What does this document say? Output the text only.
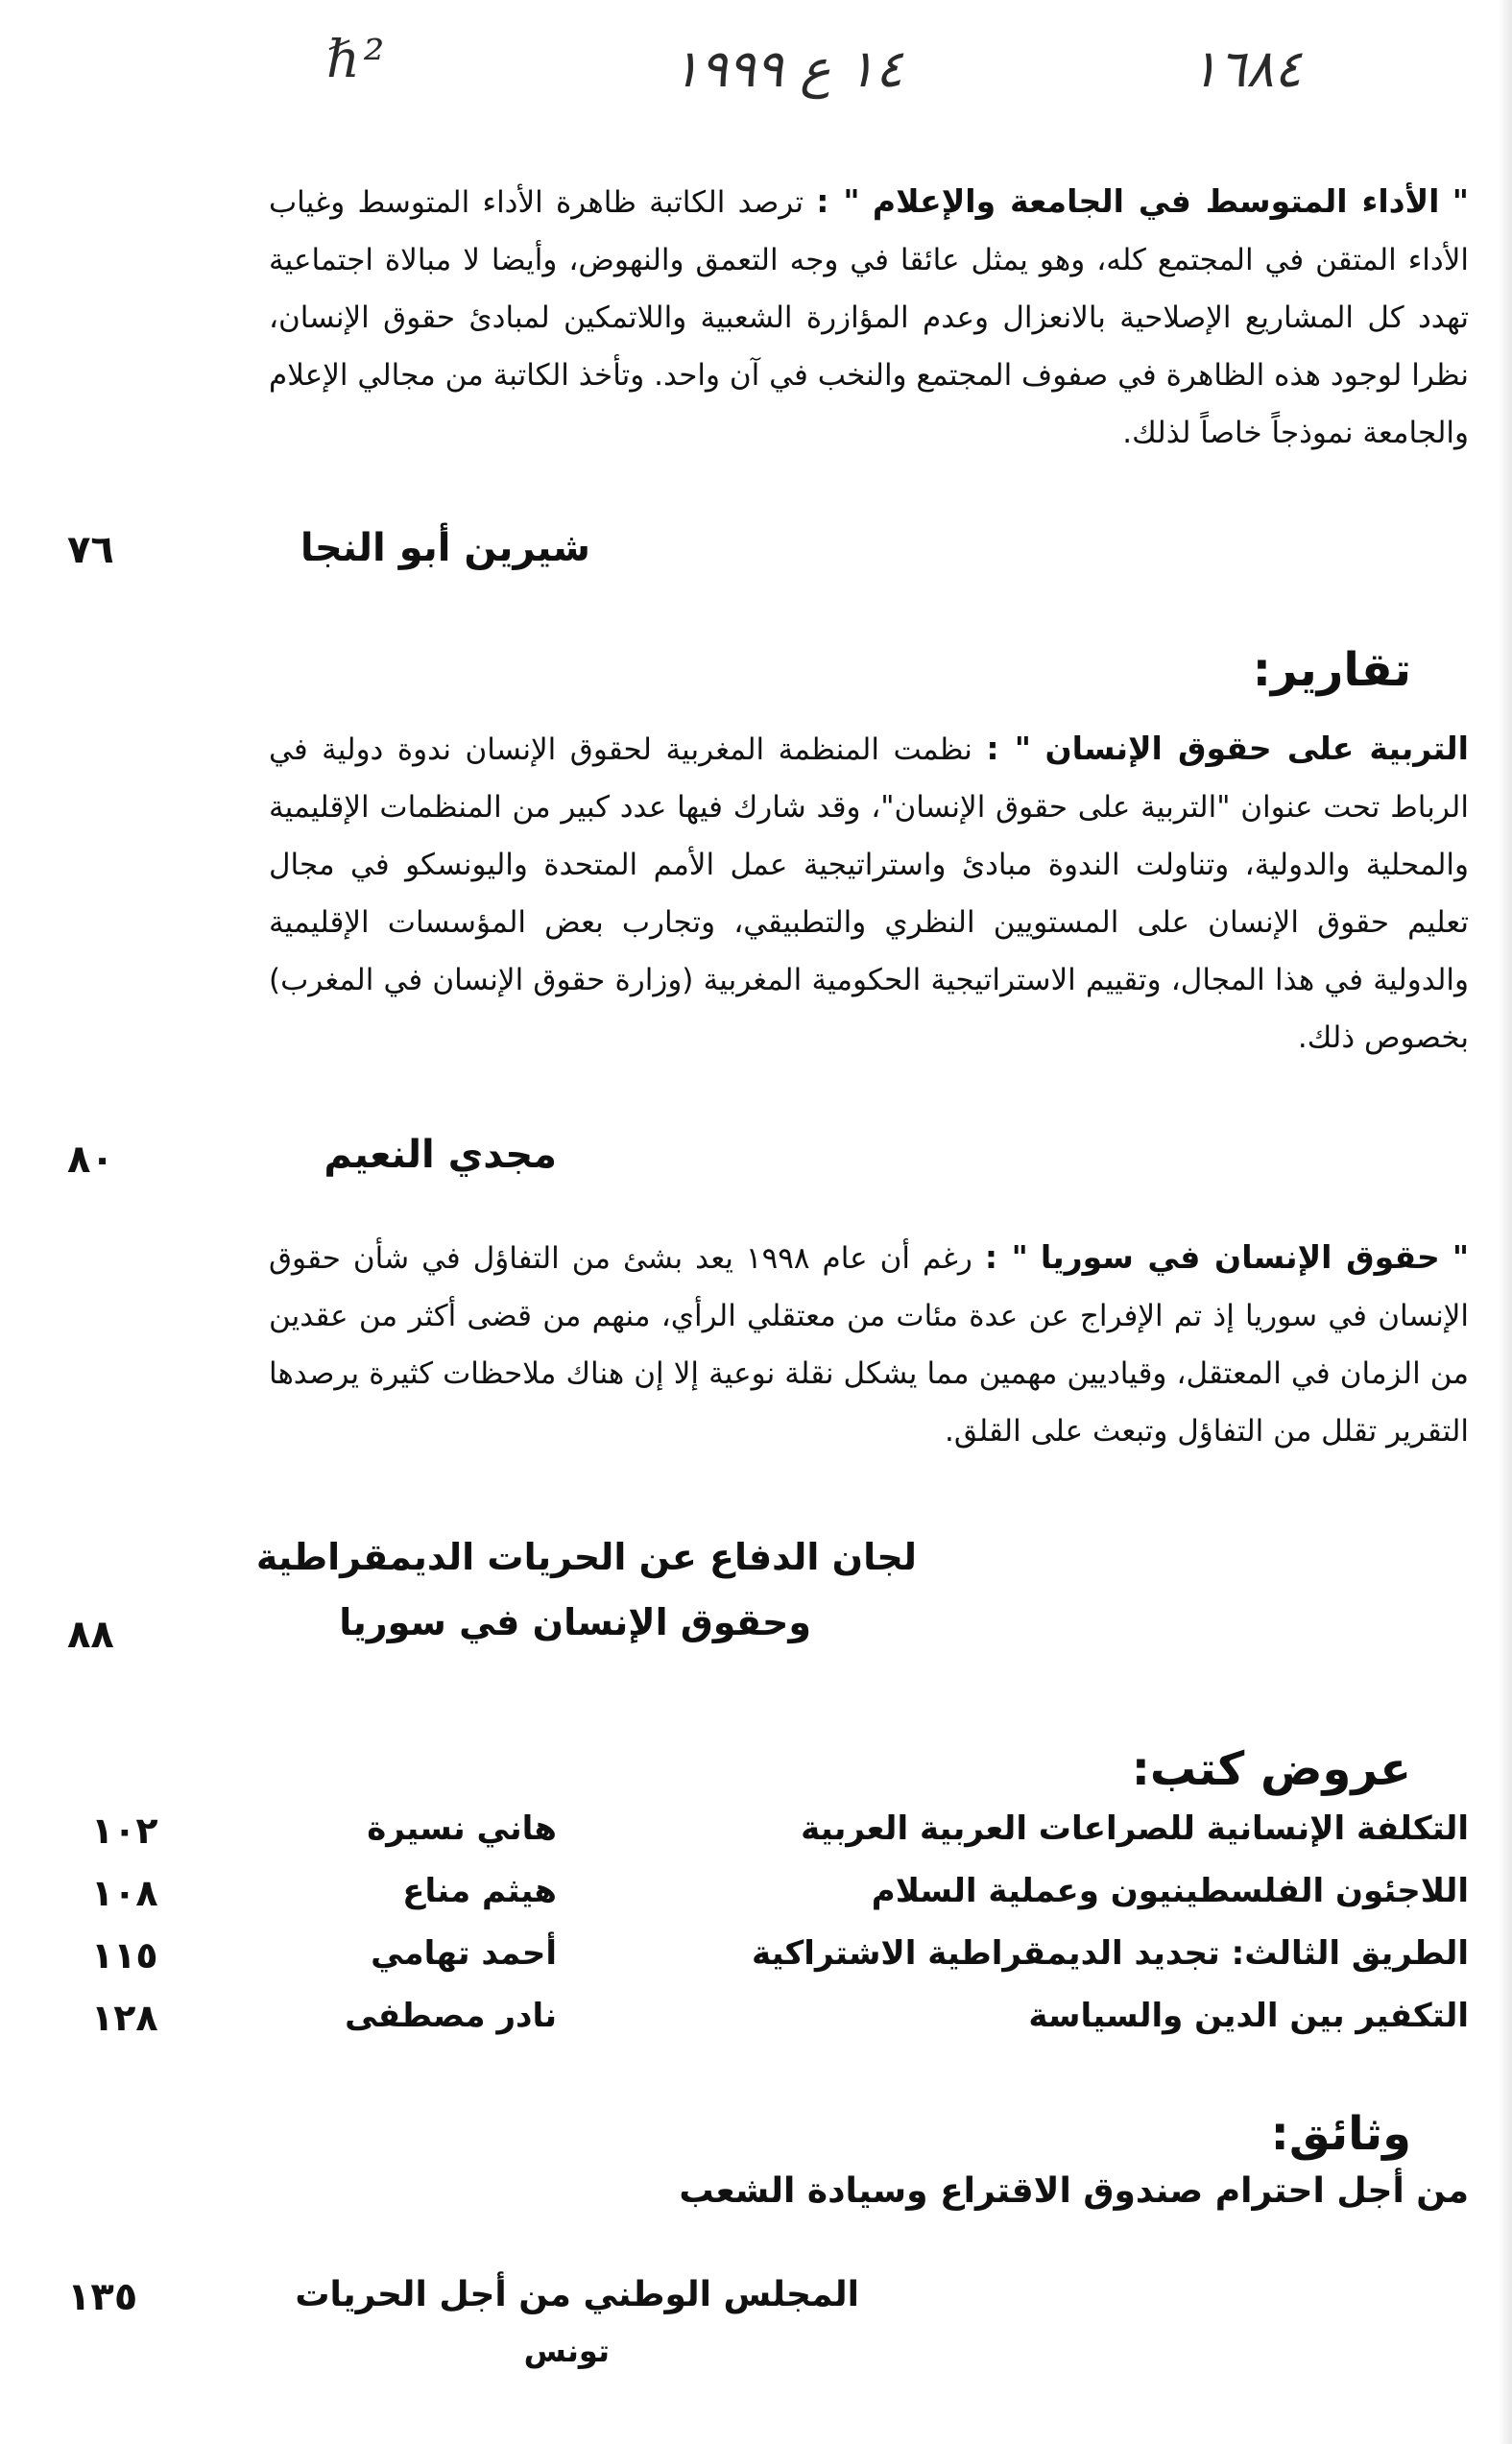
ℏ²	١٤ ع ١٩٩٩	١٦٨٤
" الأداء المتوسط في الجامعة والإعلام " : ترصد الكاتبة ظاهرة الأداء المتوسط وغياب الأداء المتقن في المجتمع كله، وهو يمثل عائقا في وجه التعمق والنهوض، وأيضا لا مبالاة اجتماعية تهدد كل المشاريع الإصلاحية بالانعزال وعدم المؤازرة الشعبية واللاتمكين لمبادئ حقوق الإنسان، نظرا لوجود هذه الظاهرة في صفوف المجتمع والنخب في آن واحد. وتأخذ الكاتبة من مجالي الإعلام والجامعة نموذجاً خاصاً لذلك.
شيرين أبو النجا
٧٦
تقارير:
التربية على حقوق الإنسان " : نظمت المنظمة المغربية لحقوق الإنسان ندوة دولية في الرباط تحت عنوان "التربية على حقوق الإنسان"، وقد شارك فيها عدد كبير من المنظمات الإقليمية والمحلية والدولية، وتناولت الندوة مبادئ واستراتيجية عمل الأمم المتحدة واليونسكو في مجال تعليم حقوق الإنسان على المستويين النظري والتطبيقي، وتجارب بعض المؤسسات الإقليمية والدولية في هذا المجال، وتقييم الاستراتيجية الحكومية المغربية (وزارة حقوق الإنسان في المغرب) بخصوص ذلك.
مجدي النعيم
٨٠
" حقوق الإنسان في سوريا " : رغم أن عام ١٩٩٨ يعد بشئ من التفاؤل في شأن حقوق الإنسان في سوريا إذ تم الإفراج عن عدة مئات من معتقلي الرأي، منهم من قضى أكثر من عقدين من الزمان في المعتقل، وقياديين مهمين مما يشكل نقلة نوعية إلا إن هناك ملاحظات كثيرة يرصدها التقرير تقلل من التفاؤل وتبعث على القلق.
لجان الدفاع عن الحريات الديمقراطية
وحقوق الإنسان في سوريا
٨٨
عروض كتب:
التكلفة الإنسانية للصراعات العربية العربية
هاني نسيرة
١٠٢
اللاجئون الفلسطينيون وعملية السلام
هيثم مناع
١٠٨
الطريق الثالث: تجديد الديمقراطية الاشتراكية
أحمد تهامي
١١٥
التكفير بين الدين والسياسة
نادر مصطفى
١٢٨
وثائق:
من أجل احترام صندوق الاقتراع وسيادة الشعب
المجلس الوطني من أجل الحريات
تونس
١٣٥
